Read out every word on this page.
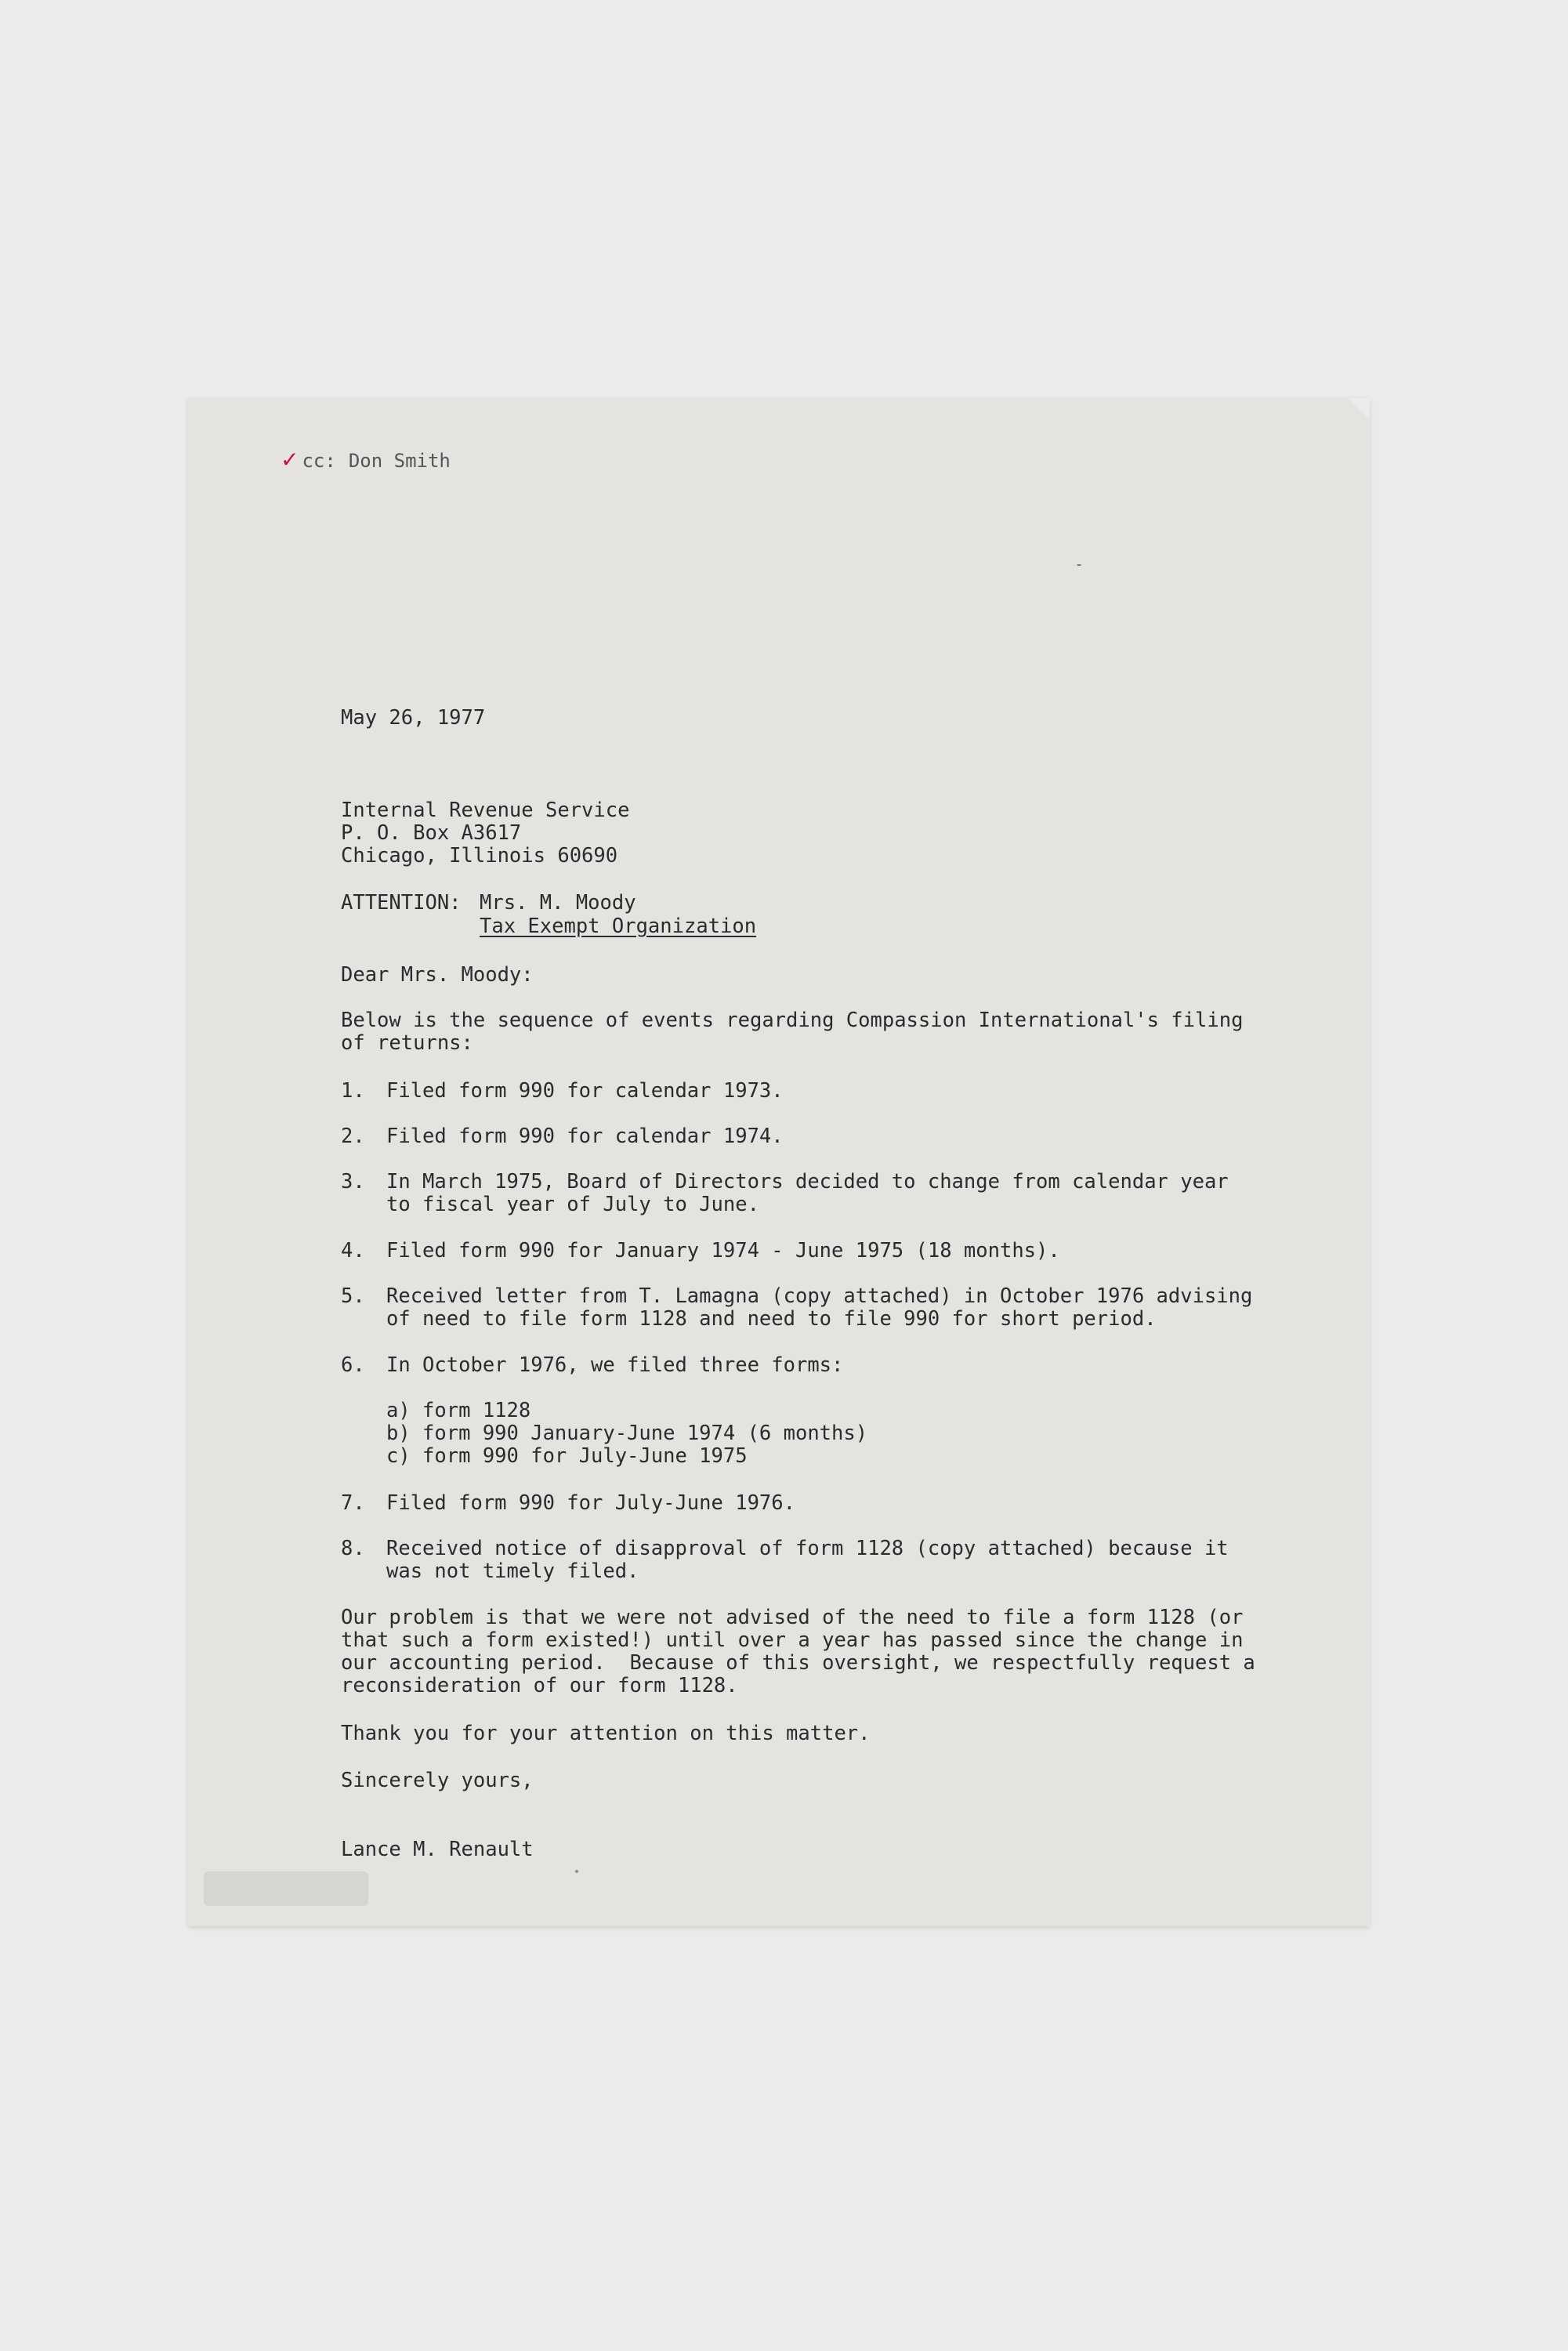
✓ cc: Don Smith
May 26, 1977
Internal Revenue Service
P. O. Box A3617
Chicago, Illinois 60690
ATTENTION: Mrs. M. Moody
Tax Exempt Organization
Dear Mrs. Moody:
Below is the sequence of events regarding Compassion International's filing
of returns:
1. Filed form 990 for calendar 1973.
2. Filed form 990 for calendar 1974.
3. In March 1975, Board of Directors decided to change from calendar year
to fiscal year of July to June.
4. Filed form 990 for January 1974 - June 1975 (18 months).
5. Received letter from T. Lamagna (copy attached) in October 1976 advising
of need to file form 1128 and need to file 990 for short period.
6. In October 1976, we filed three forms:
a) form 1128
b) form 990 January-June 1974 (6 months)
c) form 990 for July-June 1975
7. Filed form 990 for July-June 1976.
8. Received notice of disapproval of form 1128 (copy attached) because it
was not timely filed.
Our problem is that we were not advised of the need to file a form 1128 (or
that such a form existed!) until over a year has passed since the change in
our accounting period.  Because of this oversight, we respectfully request a
reconsideration of our form 1128.
Thank you for your attention on this matter.
Sincerely yours,
Lance M. Renault
